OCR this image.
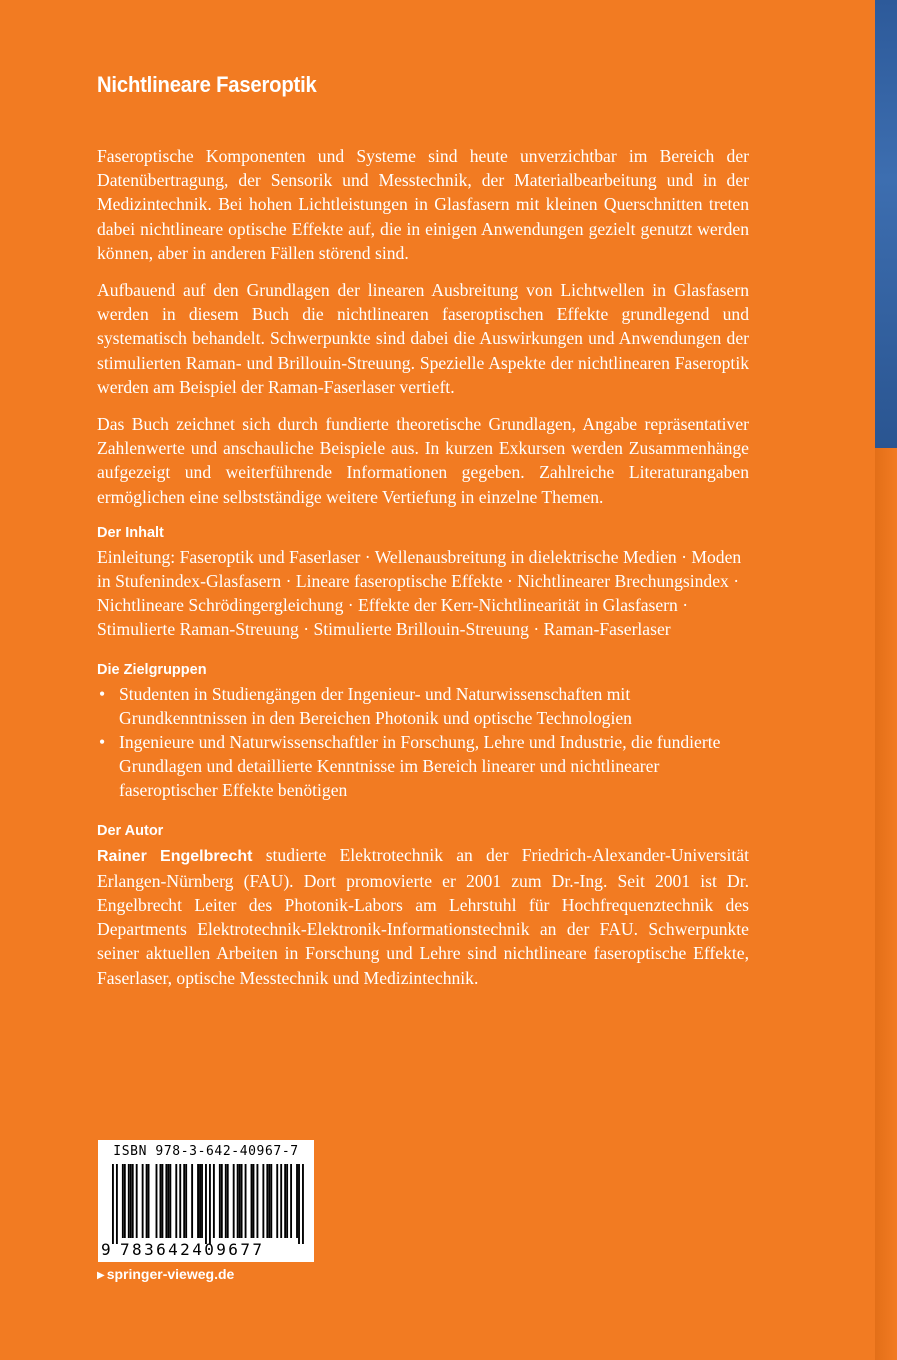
Nichtlineare Faseroptik

Faseroptische Komponenten und Systeme sind heute unverzichtbar im Bereich der Datenübertragung, der Sensorik und Messtechnik, der Materialbearbeitung und in der Medizintechnik. Bei hohen Lichtleistungen in Glasfasern mit kleinen Querschnitten treten dabei nichtlineare optische Effekte auf, die in einigen Anwendungen gezielt genutzt werden können, aber in anderen Fällen störend sind.

Aufbauend auf den Grundlagen der linearen Ausbreitung von Lichtwellen in Glasfasern werden in diesem Buch die nichtlinearen faseroptischen Effekte grundlegend und systematisch behandelt. Schwerpunkte sind dabei die Auswirkungen und Anwendungen der stimulierten Raman- und Brillouin-Streuung. Spezielle Aspekte der nichtlinearen Faseroptik werden am Beispiel der Raman-Faserlaser vertieft.

Das Buch zeichnet sich durch fundierte theoretische Grundlagen, Angabe repräsentativer Zahlenwerte und anschauliche Beispiele aus. In kurzen Exkursen werden Zusammenhänge aufgezeigt und weiterführende Informationen gegeben. Zahlreiche Literaturangaben ermöglichen eine selbstständige weitere Vertiefung in einzelne Themen.

Der Inhalt

Einleitung: Faseroptik und Faserlaser · Wellenausbreitung in dielektrische Medien · Moden in Stufenindex-Glasfasern · Lineare faseroptische Effekte · Nichtlinearer Brechungsindex · Nichtlineare Schrödingergleichung · Effekte der Kerr-Nichtlinearität in Glasfasern · Stimulierte Raman-Streuung · Stimulierte Brillouin-Streuung · Raman-Faserlaser

Die Zielgruppen
• Studenten in Studiengängen der Ingenieur- und Naturwissenschaften mit Grundkenntnissen in den Bereichen Photonik und optische Technologien
• Ingenieure und Naturwissenschaftler in Forschung, Lehre und Industrie, die fundierte Grundlagen und detaillierte Kenntnisse im Bereich linearer und nichtlinearer faseroptischer Effekte benötigen
Der Autor

Rainer Engelbrecht studierte Elektrotechnik an der Friedrich-Alexander-Universität Erlangen-Nürnberg (FAU). Dort promovierte er 2001 zum Dr.-Ing. Seit 2001 ist Dr. Engelbrecht Leiter des Photonik-Labors am Lehrstuhl für Hochfrequenztechnik des Departments Elektrotechnik-Elektronik-Informationstechnik an der FAU. Schwerpunkte seiner aktuellen Arbeiten in Forschung und Lehre sind nichtlineare faseroptische Effekte, Faserlaser, optische Messtechnik und Medizintechnik.

ISBN 978-3-642-40967-7
9 783642409677
▶ springer-vieweg.de
